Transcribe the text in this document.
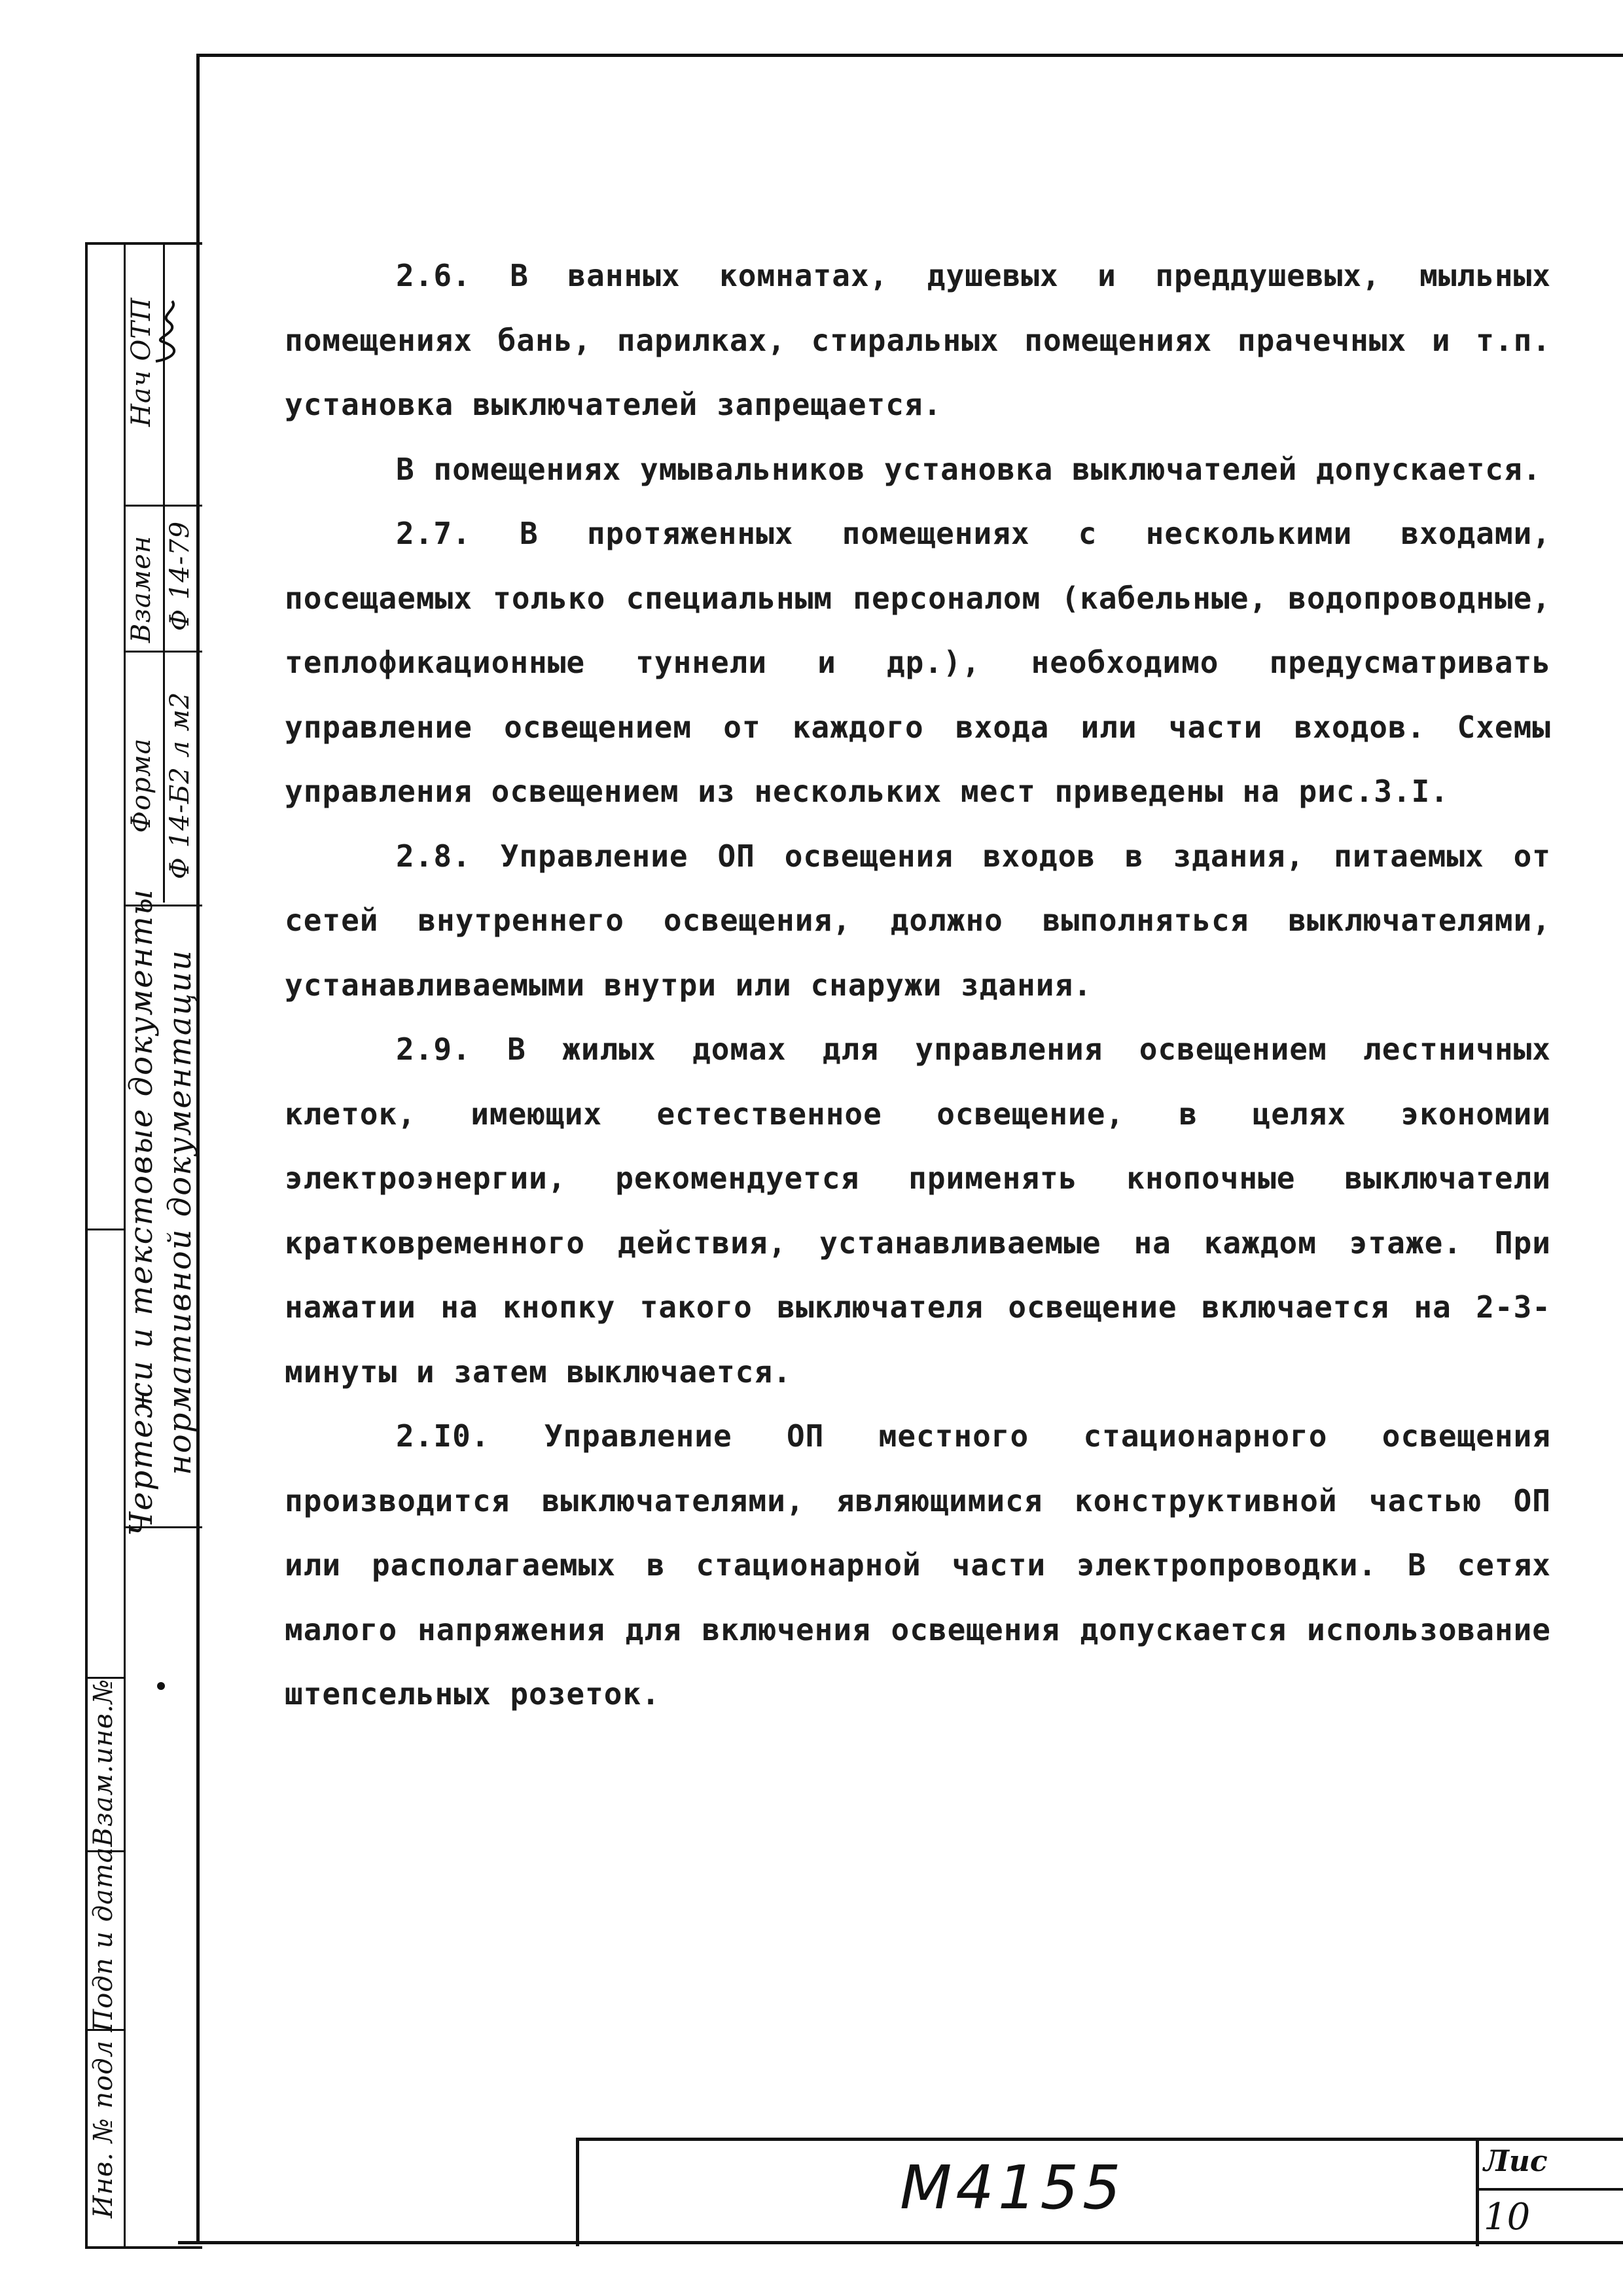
Нач ОТП
Взамен Ф 14-79
Форма Ф 14-Б2 л м2
Чертежи и текстовые документы нормативной документации
Взам.инв.№
Подп и дата
Инв. № подл

2.6. В ванных комнатах, душевых и преддушевых, мыльных помещениях бань, парилках, стиральных помещениях прачечных и т.п. установка выключателей запрещается.

В помещениях умывальников установка выключателей допускается.

2.7. В протяженных помещениях с несколькими входами, посещаемых только специальным персоналом (кабельные, водопроводные, теплофикационные туннели и др.), необходимо предусматривать управление освещением от каждого входа или части входов. Схемы управления освещением из нескольких мест приведены на рис.3.I.

2.8. Управление ОП освещения входов в здания, питаемых от сетей внутреннего освещения, должно выполняться выключателями, устанавливаемыми внутри или снаружи здания.

2.9. В жилых домах для управления освещением лестничных клеток, имеющих естественное освещение, в целях экономии электроэнергии, рекомендуется применять кнопочные выключатели кратковременного действия, устанавливаемые на каждом этаже. При нажатии на кнопку такого выключателя освещение включается на 2-3-минуты и затем выключается.

2.I0. Управление ОП местного стационарного освещения производится выключателями, являющимися конструктивной частью ОП или располагаемых в стационарной части электропроводки. В сетях малого напряжения для включения освещения допускается использование штепсельных розеток.

М4155	Лис
10
